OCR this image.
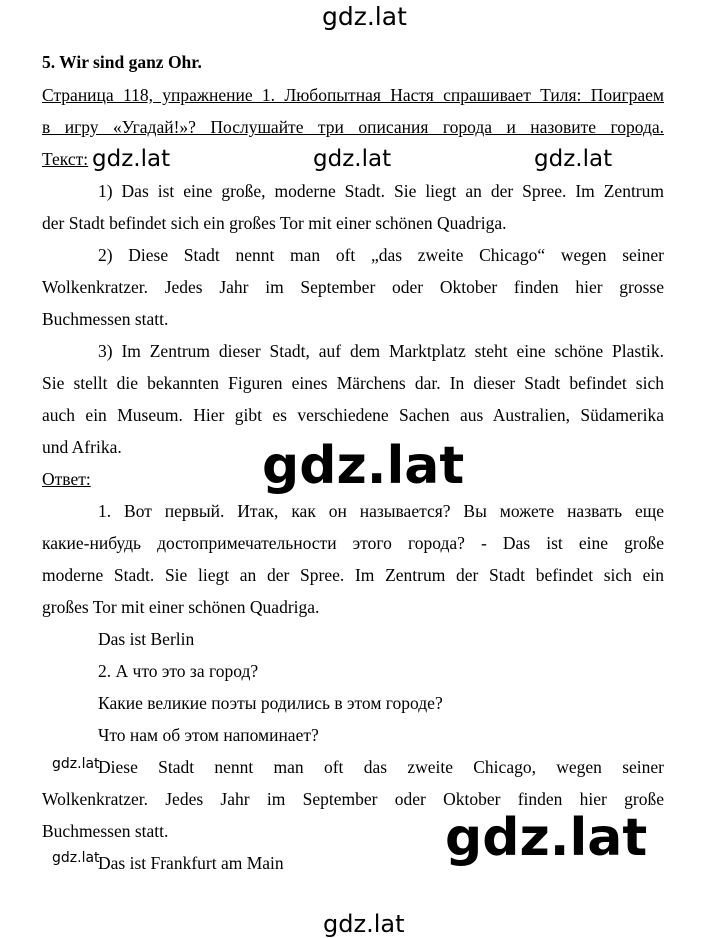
gdz.lat
gdz.lat	gdz.lat	gdz.lat
gdz.lat
gdz.lat
gdz.lat
gdz.lat
gdz.lat
5. Wir sind ganz Ohr.
Страница 118, упражнение 1. Любопытная Настя спрашивает Тиля: Поиграем
в игру «Угадай!»? Послушайте три описания города и назовите города.
Текст:
1) Das ist eine große, moderne Stadt. Sie liegt an der Spree. Im Zentrum
der Stadt befindet sich ein großes Tor mit einer schönen Quadriga.
2) Diese Stadt nennt man oft „das zweite Chicago“ wegen seiner
Wolkenkratzer. Jedes Jahr im September oder Oktober finden hier grosse
Buchmessen statt.
3) Im Zentrum dieser Stadt, auf dem Marktplatz steht eine schöne Plastik.
Sie stellt die bekannten Figuren eines Märchens dar. In dieser Stadt befindet sich
auch ein Museum. Hier gibt es verschiedene Sachen aus Australien, Südamerika
und Afrika.
Ответ:
1. Вот первый. Итак, как он называется? Вы можете назвать еще
какие-нибудь достопримечательности этого города? - Das ist eine große
moderne Stadt. Sie liegt an der Spree. Im Zentrum der Stadt befindet sich ein
großes Tor mit einer schönen Quadriga.
Das ist Berlin
2. А что это за город?
Какие великие поэты родились в этом городе?
Что нам об этом напоминает?
Diese Stadt nennt man oft das zweite Chicago, wegen seiner
Wolkenkratzer. Jedes Jahr im September oder Oktober finden hier große
Buchmessen statt.
Das ist Frankfurt am Main
